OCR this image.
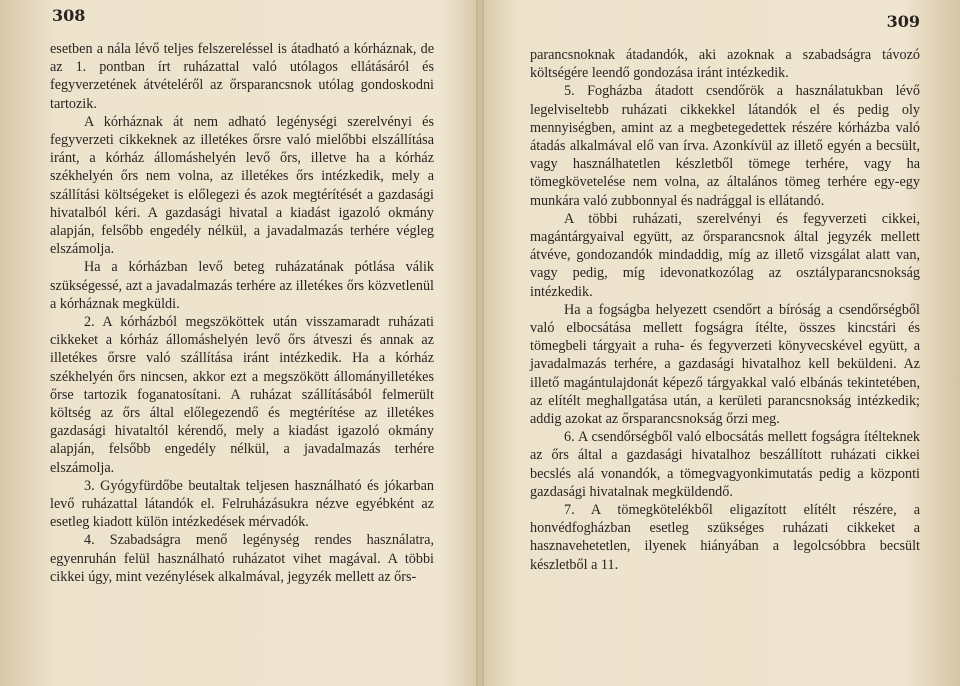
308

esetben a nála lévő teljes felszereléssel is átadható a kórháznak, de az 1. pontban írt ruházattal való utólagos ellátásáról és fegyverzetének átvételéről az őrsparancsnok utólag gondoskodni tartozik.

A kórháznak át nem adható legénységi szerelvényi és fegyverzeti cikkeknek az illetékes őrsre való mielőbbi elszállítása iránt, a kórház állomáshelyén levő őrs, illetve ha a kórház székhelyén őrs nem volna, az illetékes őrs intézkedik, mely a szállítási költségeket is előlegezi és azok megtérítését a gazdasági hivatalból kéri. A gazdasági hivatal a kiadást igazoló okmány alapján, felsőbb engedély nélkül, a javadalmazás terhére végleg elszámolja.

Ha a kórházban levő beteg ruházatának pótlása válik szükségessé, azt a javadalmazás terhére az illetékes őrs közvetlenül a kórháznak megküldi.

2. A kórházból megszököttek után visszamaradt ruházati cikkeket a kórház állomáshelyén levő őrs átveszi és annak az illetékes őrsre való szállítása iránt intézkedik. Ha a kórház székhelyén őrs nincsen, akkor ezt a megszökött állományilletékes őrse tartozik foganatosítani. A ruházat szállításából felmerült költség az őrs által előlegezendő és megtérítése az illetékes gazdasági hivataltól kérendő, mely a kiadást igazoló okmány alapján, felsőbb engedély nélkül, a javadalmazás terhére elszámolja.

3. Gyógyfürdőbe beutaltak teljesen használható és jókarban levő ruházattal látandók el. Felruházásukra nézve egyébként az esetleg kiadott külön intézkedések mérvadók.

4. Szabadságra menő legénység rendes használatra, egyenruhán felül használható ruházatot vihet magával. A többi cikkei úgy, mint vezénylések alkalmával, jegyzék mellett az őrs-

309

parancsnoknak átadandók, aki azoknak a szabadságra távozó költségére leendő gondozása iránt intézkedik.

5. Fogházba átadott csendőrök a használatukban lévő legelviseltebb ruházati cikkekkel látandók el és pedig oly mennyiségben, amint az a megbetegedettek részére kórházba való átadás alkalmával elő van írva. Azonkívül az illető egyén a becsült, vagy használhatetlen készletből tömege terhére, vagy ha tömegkövetelése nem volna, az általános tömeg terhére egy-egy munkára való zubbonnyal és nadrággal is ellátandó.

A többi ruházati, szerelvényi és fegyverzeti cikkei, magántárgyaival együtt, az őrsparancsnok által jegyzék mellett átvéve, gondozandók mindaddig, míg az illető vizsgálat alatt van, vagy pedig, míg idevonatkozólag az osztályparancsnokság intézkedik.

Ha a fogságba helyezett csendőrt a bíróság a csendőrségből való elbocsátása mellett fogságra ítélte, összes kincstári és tömegbeli tárgyait a ruha- és fegyverzeti könyvecskével együtt, a javadalmazás terhére, a gazdasági hivatalhoz kell beküldeni. Az illető magántulajdonát képező tárgyakkal való elbánás tekintetében, az elítélt meghallgatása után, a kerületi parancsnokság intézkedik; addig azokat az őrsparancsnokság őrzi meg.

6. A csendőrségből való elbocsátás mellett fogságra ítélteknek az őrs által a gazdasági hivatalhoz beszállított ruházati cikkei becslés alá vonandók, a tömegvagyonkimutatás pedig a központi gazdasági hivatalnak megküldendő.

7. A tömegkötelékből eligazított elítélt részére, a honvédfogházban esetleg szükséges ruházati cikkeket a hasznavehetetlen, ilyenek hiányában a legolcsóbbra becsült készletből a 11.
